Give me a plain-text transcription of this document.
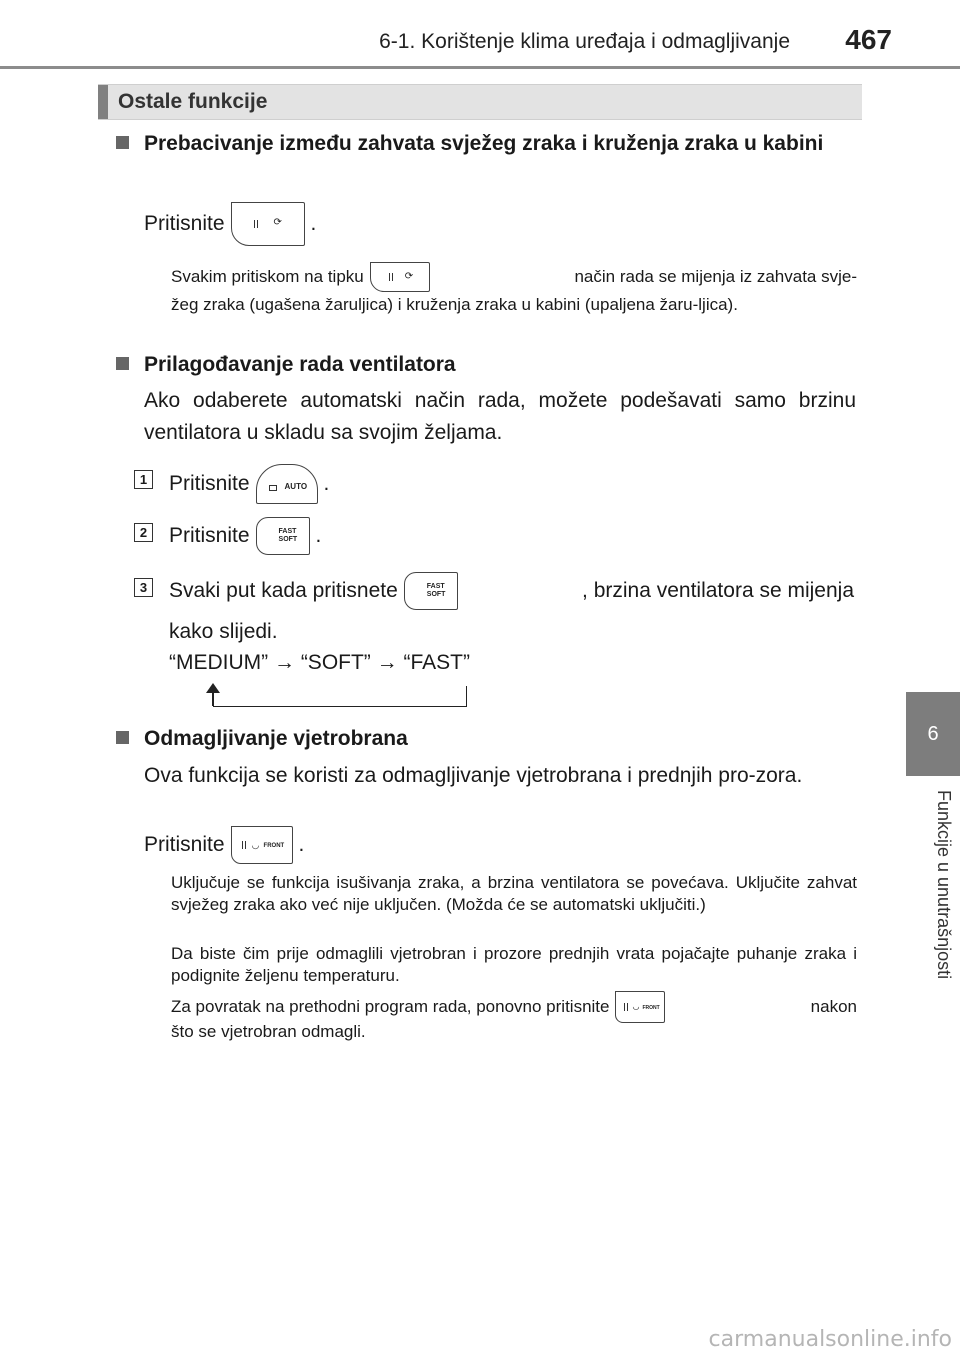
6-1. Korištenje klima uređaja i odmagljivanje 467
6
Funkcije u unutrašnjosti
Ostale funkcije
Prebacivanje između zahvata svježeg zraka i kruženja zraka u kabini
Pritisnite

	⟳

.
Svakim pritiskom na tipku

	⟳

	način rada se mijenja iz zahvata svje-
žeg zraka (ugašena žaruljica) i kruženja zraka u kabini (upaljena žaru-ljica).
Prilagođavanje rada ventilatora
Ako odaberete automatski način rada, možete podešavati samo brzinu ventilatora u skladu sa svojim željama.
1 Pritisnite

	AUTO

.
2 Pritisnite

	FAST

SOFT

.
3 Svaki put kada pritisnete

	FAST

SOFT

	, brzina ventilatora se mijenja
kako slijedi.
“MEDIUM” → “SOFT” → “FAST”
Odmagljivanje vjetrobrana
Ova funkcija se koristi za odmagljivanje vjetrobrana i prednjih pro-zora.
Pritisnite

	◡

FRONT

.
Uključuje se funkcija isušivanja zraka, a brzina ventilatora se povećava. Uključite zahvat svježeg zraka ako već nije uključen. (Možda će se automatski uključiti.)
Da biste čim prije odmaglili vjetrobran i prozore prednjih vrata pojačajte puhanje zraka i podignite željenu temperaturu.
Za povratak na prethodni program rada, ponovno pritisnite

	◡

FRONT

	nakon
što se vjetrobran odmagli.
carmanualsonline.info
